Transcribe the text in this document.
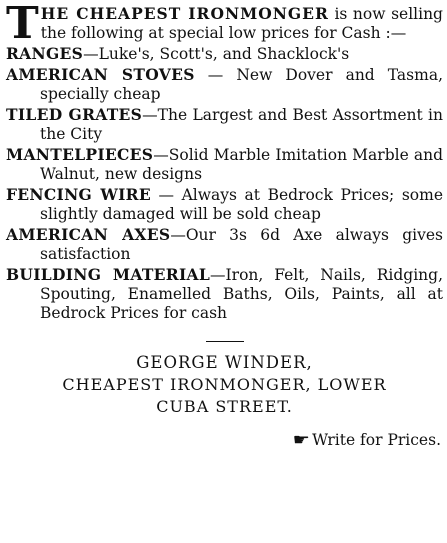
THE CHEAPEST IRONMONGER is now selling the following at special low prices for Cash :—
RANGES—Luke's, Scott's, and Shacklock's
AMERICAN STOVES — New Dover and Tasma, specially cheap
TILED GRATES—The Largest and Best Assortment in the City
MANTELPIECES—Solid Marble Imitation Marble and Walnut, new designs
FENCING WIRE — Always at Bedrock Prices; some slightly damaged will be sold cheap
AMERICAN AXES—Our 3s 6d Axe always gives satisfaction
BUILDING MATERIAL—Iron, Felt, Nails, Ridging, Spouting, Enamelled Baths, Oils, Paints, all at Bedrock Prices for cash
GEORGE WINDER,
CHEAPEST IRONMONGER, LOWER
CUBA STREET.
☛ Write for Prices.
